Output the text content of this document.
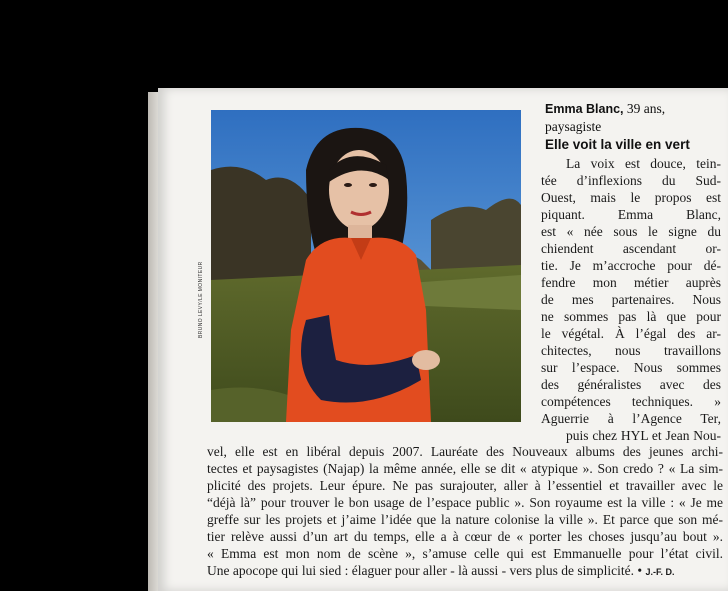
BRUNO LEVY/LE MONITEUR
Emma Blanc, 39 ans,
paysagiste
Elle voit la ville en vert

La voix est douce, tein-
tée d’inflexions du Sud-
Ouest, mais le propos est
piquant. Emma Blanc,
est « née sous le signe du
chiendent ascendant or-
tie. Je m’accroche pour dé-
fendre mon métier auprès
de mes partenaires. Nous
ne sommes pas là que pour
le végétal. À l’égal des ar-
chitectes, nous travaillons
sur l’espace. Nous sommes
des généralistes avec des
compétences techniques. »
Aguerrie à l’Agence Ter,
puis chez HYL et Jean Nou-

vel, elle est en libéral depuis 2007. Lauréate des Nouveaux albums des jeunes archi-
tectes et paysagistes (Najap) la même année, elle se dit « atypique ». Son credo ? « La sim-
plicité des projets. Leur épure. Ne pas surajouter, aller à l’essentiel et travailler avec le
“déjà là” pour trouver le bon usage de l’espace public ». Son royaume est la ville : « Je me
greffe sur les projets et j’aime l’idée que la nature colonise la ville ». Et parce que son mé-
tier relève aussi d’un art du temps, elle a à cœur de « porter les choses jusqu’au bout ».
« Emma est mon nom de scène », s’amuse celle qui est Emmanuelle pour l’état civil.
Une apocope qui lui sied : élaguer pour aller - là aussi - vers plus de simplicité. • J.-F. D.
